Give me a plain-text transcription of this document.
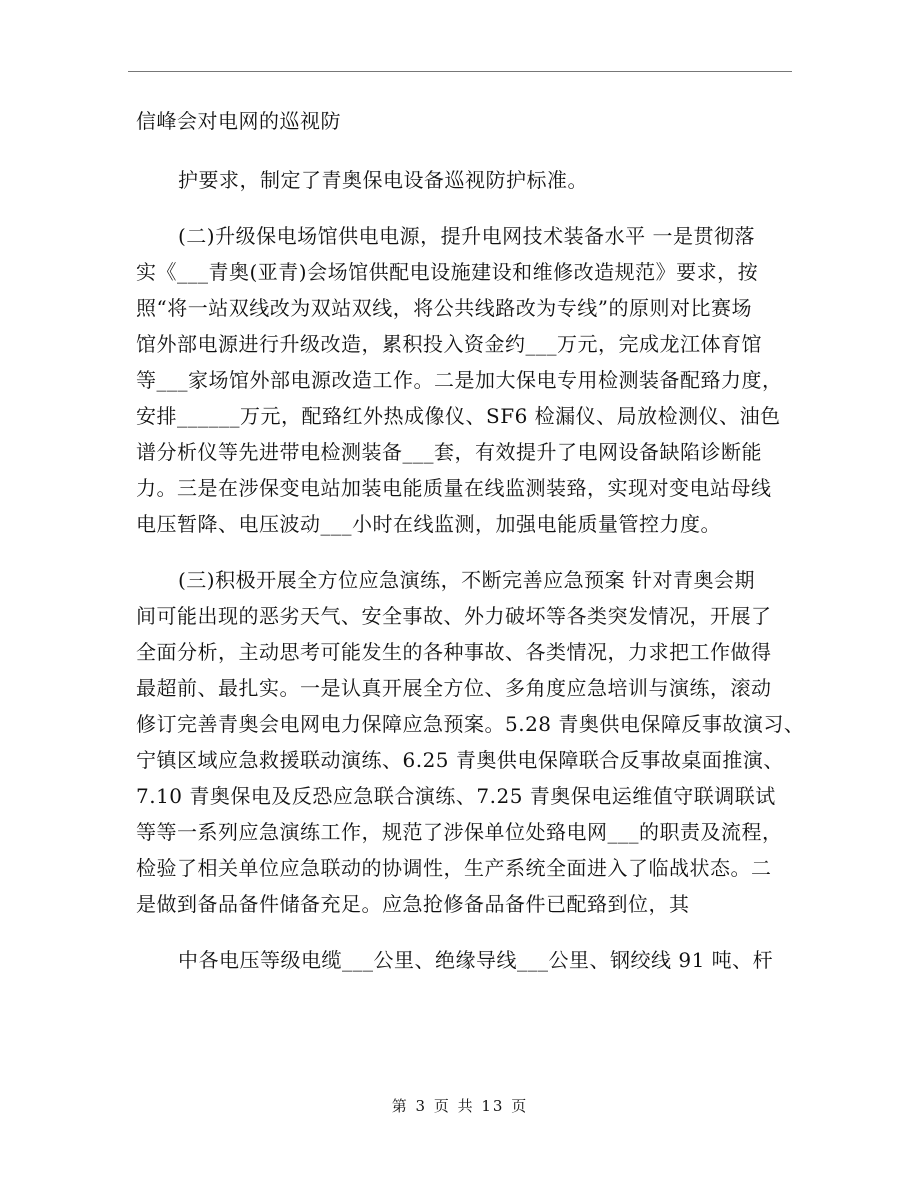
信峰会对电网的巡视防
护要求，制定了青奥保电设备巡视防护标准。
(二)升级保电场馆供电电源，提升电网技术装备水平 一是贯彻落
实《___青奥(亚青)会场馆供配电设施建设和维修改造规范》要求，按
照“将一站双线改为双站双线，将公共线路改为专线”的原则对比赛场
馆外部电源进行升级改造，累积投入资金约___万元，完成龙江体育馆
等___家场馆外部电源改造工作。二是加大保电专用检测装备配臵力度，
安排______万元，配臵红外热成像仪、SF6 检漏仪、局放检测仪、油色
谱分析仪等先进带电检测装备___套，有效提升了电网设备缺陷诊断能
力。三是在涉保变电站加装电能质量在线监测装臵，实现对变电站母线
电压暂降、电压波动___小时在线监测，加强电能质量管控力度。
(三)积极开展全方位应急演练，不断完善应急预案 针对青奥会期
间可能出现的恶劣天气、安全事故、外力破坏等各类突发情况，开展了
全面分析，主动思考可能发生的各种事故、各类情况，力求把工作做得
最超前、最扎实。一是认真开展全方位、多角度应急培训与演练，滚动
修订完善青奥会电网电力保障应急预案。5.28 青奥供电保障反事故演习、
宁镇区域应急救援联动演练、6.25 青奥供电保障联合反事故桌面推演、
7.10 青奥保电及反恐应急联合演练、7.25 青奥保电运维值守联调联试
等等一系列应急演练工作，规范了涉保单位处臵电网___的职责及流程，
检验了相关单位应急联动的协调性，生产系统全面进入了临战状态。二
是做到备品备件储备充足。应急抢修备品备件已配臵到位，其
中各电压等级电缆___公里、绝缘导线___公里、钢绞线 91 吨、杆
第 3 页 共 13 页
